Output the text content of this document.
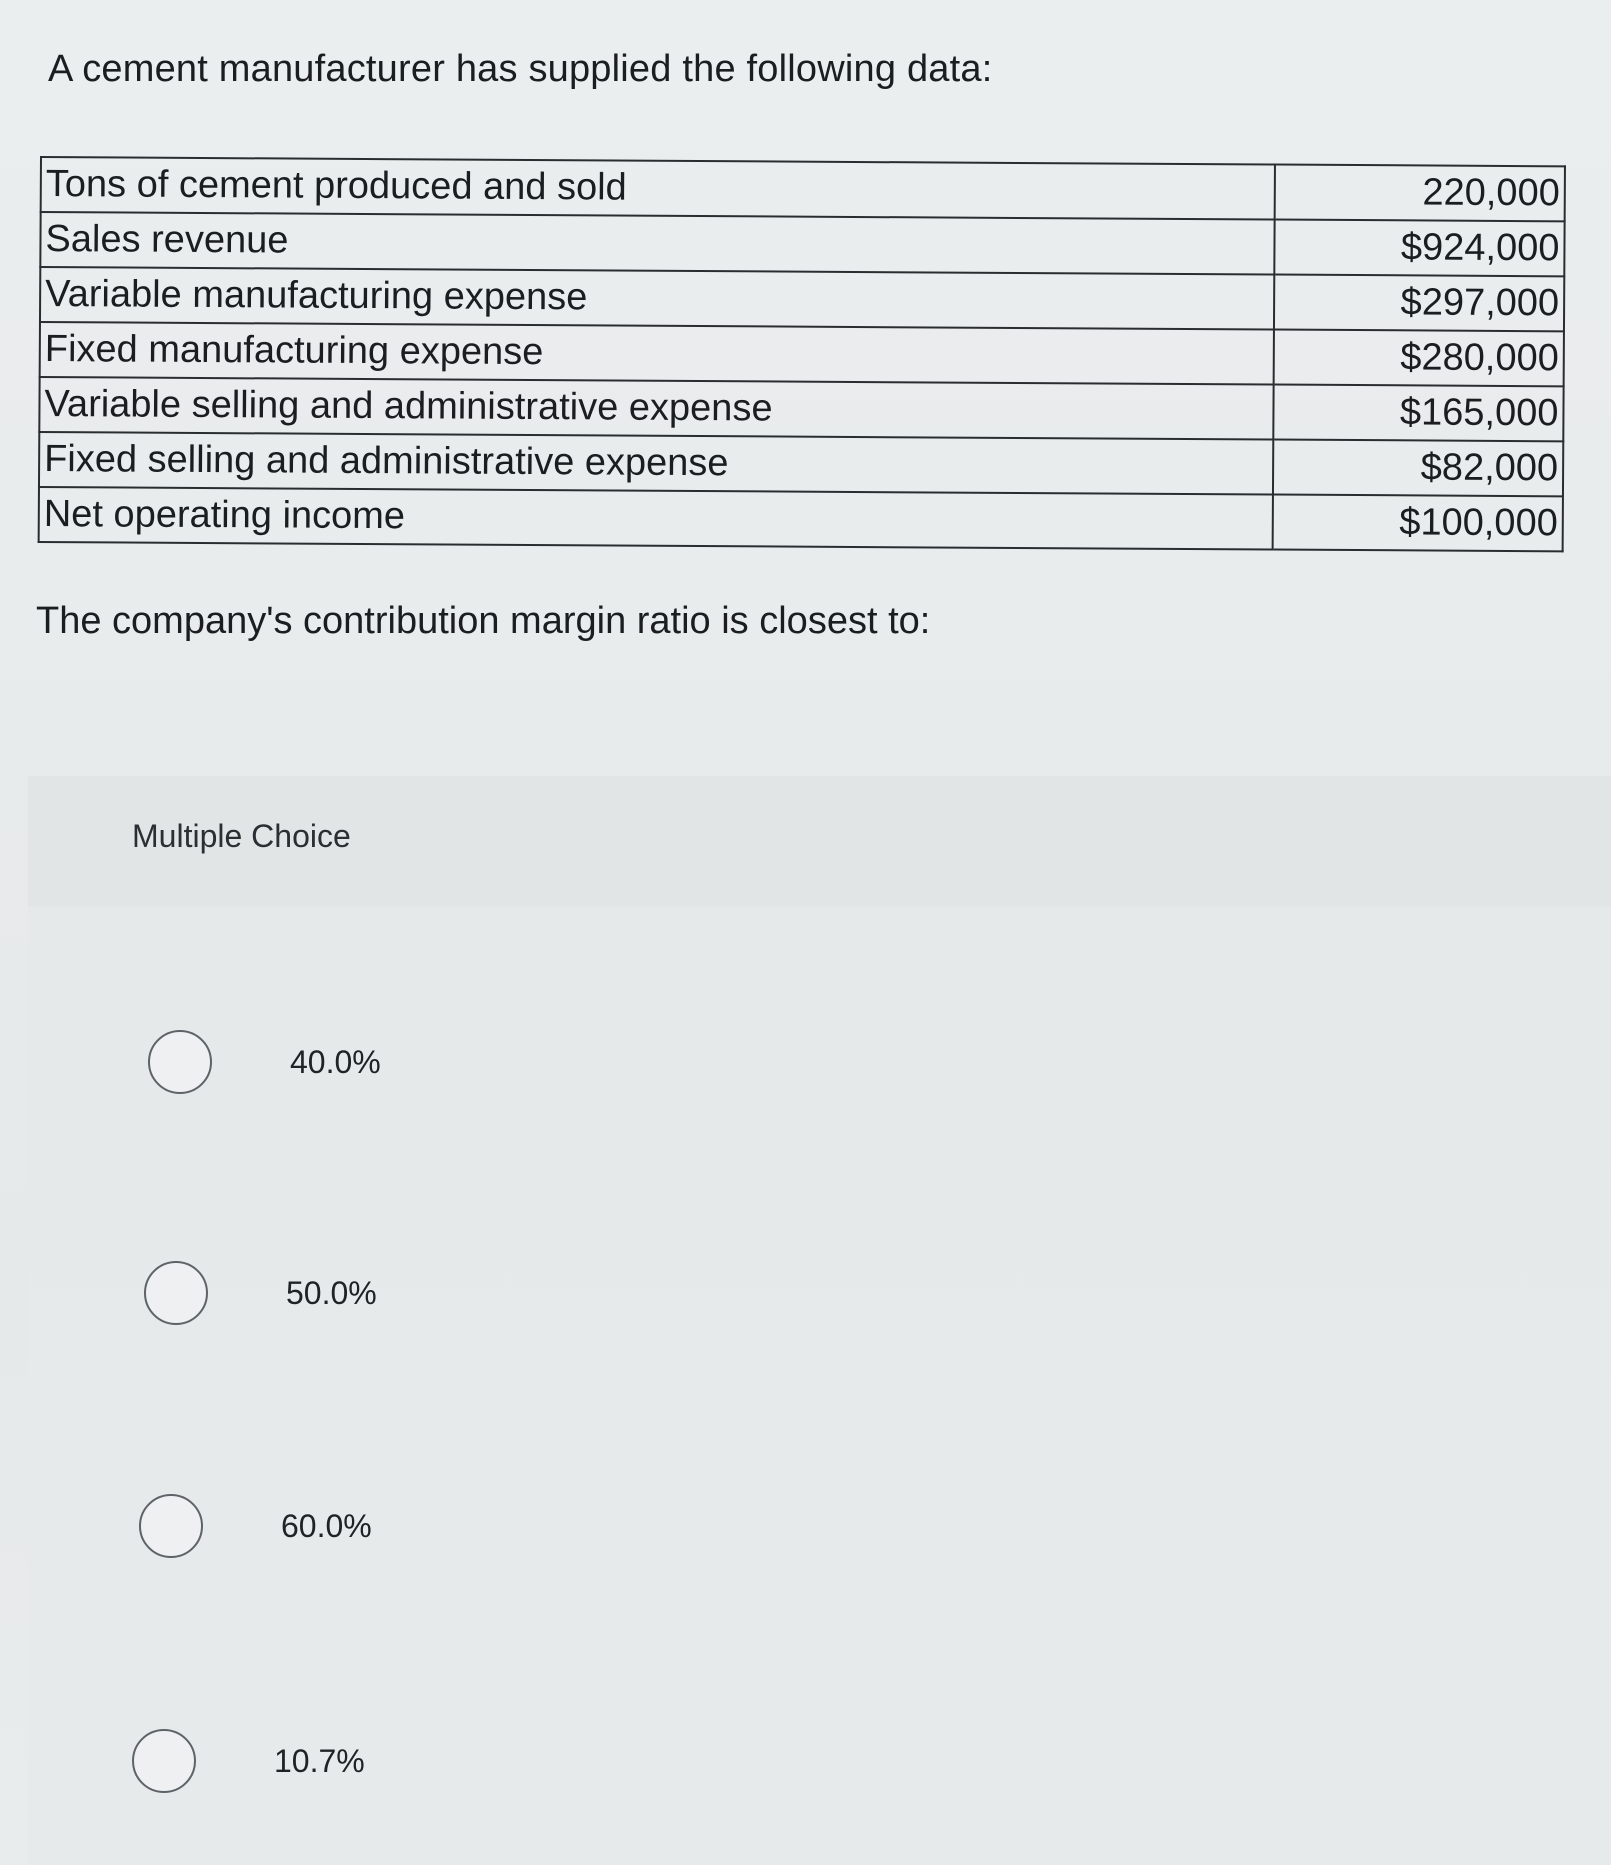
A cement manufacturer has supplied the following data:
Tons of cement produced and sold	220,000
Sales revenue	$924,000
Variable manufacturing expense	$297,000
Fixed manufacturing expense	$280,000
Variable selling and administrative expense	$165,000
Fixed selling and administrative expense	$82,000
Net operating income	$100,000
The company's contribution margin ratio is closest to:
Multiple Choice
40.0%
50.0%
60.0%
10.7%
